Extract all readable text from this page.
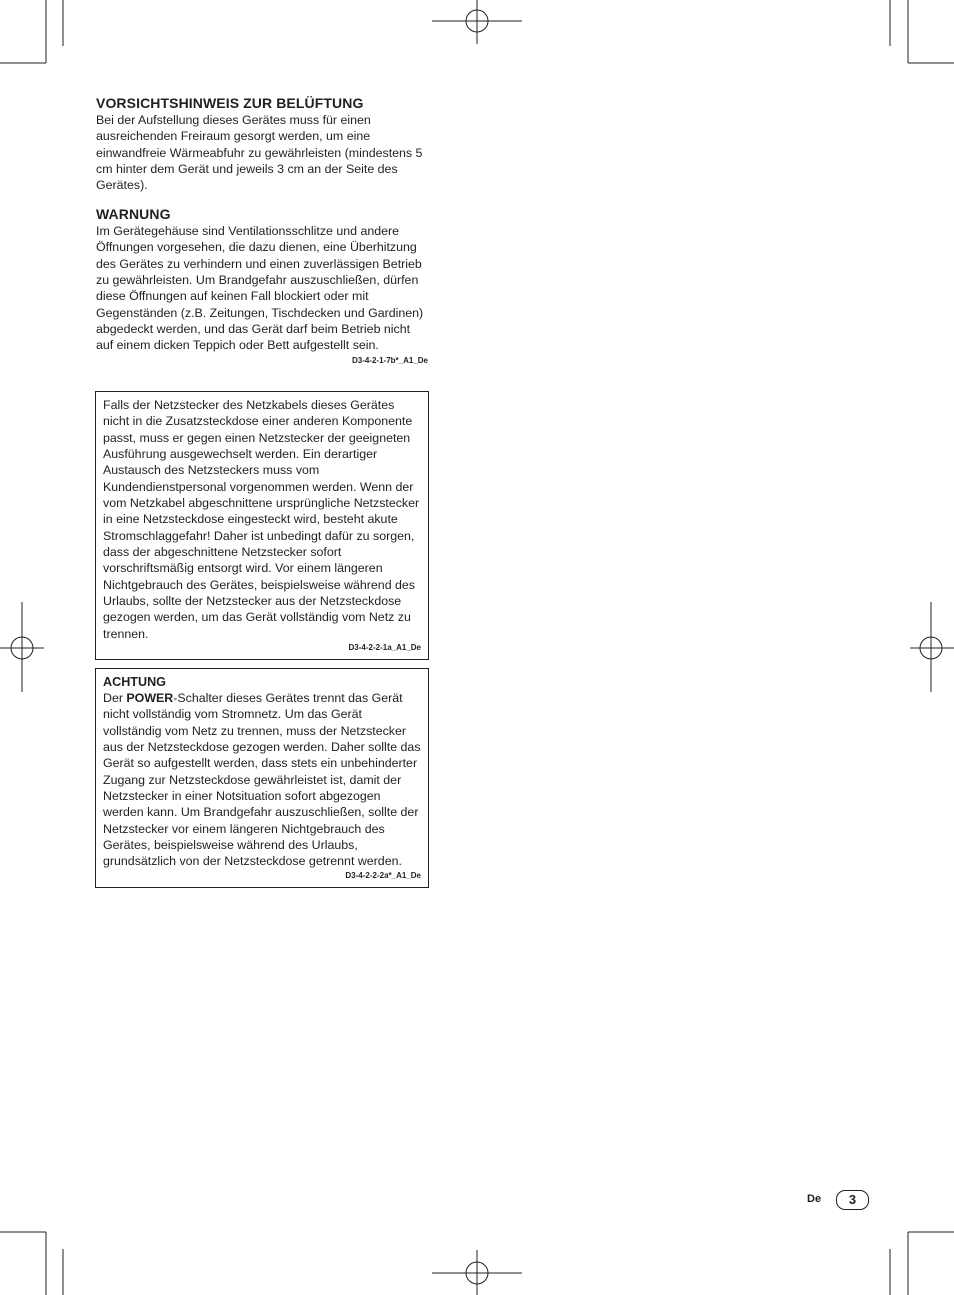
VORSICHTSHINWEIS ZUR BELÜFTUNG

Bei der Aufstellung dieses Gerätes muss für einen ausreichenden Freiraum gesorgt werden, um eine einwandfreie Wärmeabfuhr zu gewährleisten (mindestens 5 cm hinter dem Gerät und jeweils 3 cm an der Seite des Gerätes).

WARNUNG

Im Gerätegehäuse sind Ventilationsschlitze und andere Öffnungen vorgesehen, die dazu dienen, eine Überhitzung des Gerätes zu verhindern und einen zuverlässigen Betrieb zu gewährleisten. Um Brandgefahr auszuschließen, dürfen diese Öffnungen auf keinen Fall blockiert oder mit Gegenständen (z.B. Zeitungen, Tischdecken und Gardinen) abgedeckt werden, und das Gerät darf beim Betrieb nicht auf einem dicken Teppich oder Bett aufgestellt sein.

D3-4-2-1-7b*_A1_De

Falls der Netzstecker des Netzkabels dieses Gerätes nicht in die Zusatzsteckdose einer anderen Komponente passt, muss er gegen einen Netzstecker der geeigneten Ausführung ausgewechselt werden. Ein derartiger Austausch des Netzsteckers muss vom Kundendienstpersonal vorgenommen werden. Wenn der vom Netzkabel abgeschnittene ursprüngliche Netzstecker in eine Netzsteckdose eingesteckt wird, besteht akute Stromschlaggefahr! Daher ist unbedingt dafür zu sorgen, dass der abgeschnittene Netzstecker sofort vorschriftsmäßig entsorgt wird. Vor einem längeren Nichtgebrauch des Gerätes, beispielsweise während des Urlaubs, sollte der Netzstecker aus der Netzsteckdose gezogen werden, um das Gerät vollständig vom Netz zu trennen.

D3-4-2-2-1a_A1_De
ACHTUNG

Der POWER-Schalter dieses Gerätes trennt das Gerät nicht vollständig vom Stromnetz. Um das Gerät vollständig vom Netz zu trennen, muss der Netzstecker aus der Netzsteckdose gezogen werden. Daher sollte das Gerät so aufgestellt werden, dass stets ein unbehinderter Zugang zur Netzsteckdose gewährleistet ist, damit der Netzstecker in einer Notsituation sofort abgezogen werden kann. Um Brandgefahr auszuschließen, sollte der Netzstecker vor einem längeren Nichtgebrauch des Gerätes, beispielsweise während des Urlaubs, grundsätzlich von der Netzsteckdose getrennt werden.

D3-4-2-2-2a*_A1_De
De	3
